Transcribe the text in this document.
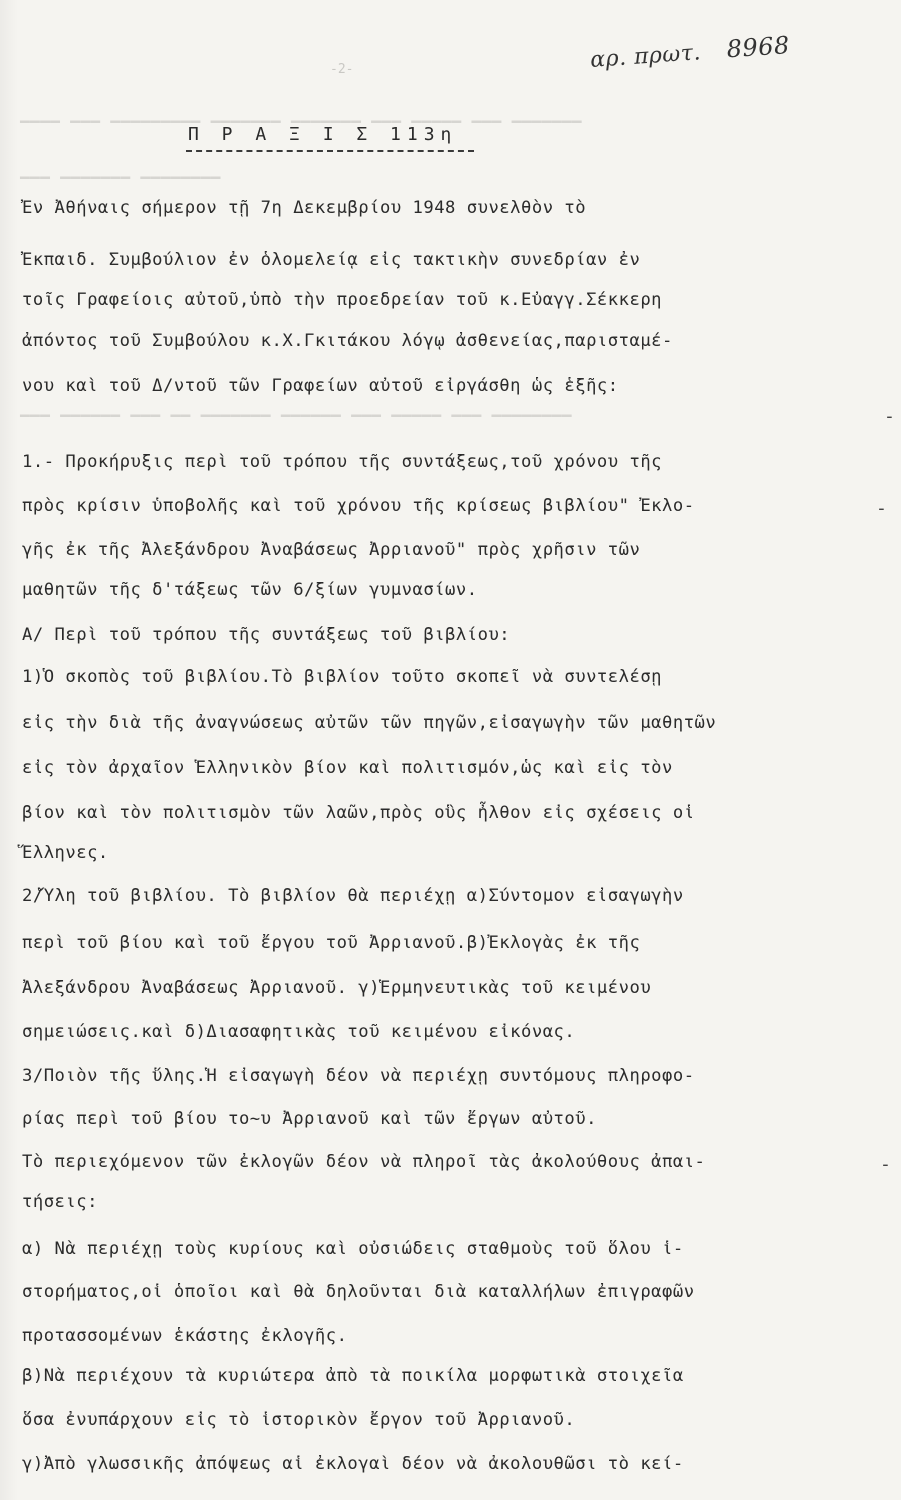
-2-	αρ. πρωτ. 8968
▁▁▁▁ ▁▁▁ ▁▁▁▁▁▁▁▁▁ ▁▁▁▁▁▁▁ ▁▁▁▁▁▁▁ ▁▁▁ ▁▁▁▁▁ ▁▁▁ ▁▁▁▁▁▁▁
▁▁▁ ▁▁▁▁▁▁▁ ▁▁▁▁▁▁▁▁
▁▁▁ ▁▁▁▁▁▁ ▁▁▁ ▁▁ ▁▁▁▁▁▁▁ ▁▁▁▁▁▁ ▁▁▁ ▁▁▁▁▁ ▁▁▁ ▁▁▁▁▁▁▁▁
Π Ρ Α Ξ Ι Σ 113η
Ἐν Ἀθήναις σήμερον τῇ 7η Δεκεμβρίου 1948 συνελθὸν τὸ
Ἐκπαιδ. Συμβούλιον ἐν ὁλομελείᾳ εἰς τακτικὴν συνεδρίαν ἐν
τοῖς Γραφείοις αὐτοῦ,ὑπὸ τὴν προεδρείαν τοῦ κ.Εὐαγγ.Σέκκερη
ἀπόντος τοῦ Συμβούλου κ.Χ.Γκιτάκου λόγῳ ἀσθενείας,παρισταμέ-
νου καὶ τοῦ Δ/ντοῦ τῶν Γραφείων αὐτοῦ εἰργάσθη ὡς ἑξῆς:
1.- Προκήρυξις περὶ τοῦ τρόπου τῆς συντάξεως,τοῦ χρόνου τῆς
πρὸς κρίσιν ὑποβολῆς καὶ τοῦ χρόνου τῆς κρίσεως βιβλίου" Ἐκλο-
γῆς ἐκ τῆς Ἀλεξάνδρου Ἀναβάσεως Ἀρριανοῦ" πρὸς χρῆσιν τῶν
μαθητῶν τῆς δ'τάξεως τῶν 6/ξίων γυμνασίων.
Α/ Περὶ τοῦ τρόπου τῆς συντάξεως τοῦ βιβλίου:
1)Ὁ σκοπὸς τοῦ βιβλίου.Τὸ βιβλίον τοῦτο σκοπεῖ νὰ συντελέσῃ
εἰς τὴν διὰ τῆς ἀναγνώσεως αὐτῶν τῶν πηγῶν,εἰσαγωγὴν τῶν μαθητῶν
εἰς τὸν ἀρχαῖον Ἑλληνικὸν βίον καὶ πολιτισμόν,ὡς καὶ εἰς τὸν
βίον καὶ τὸν πολιτισμὸν τῶν λαῶν,πρὸς οὓς ἦλθον εἰς σχέσεις οἱ
Ἕλληνες.
2/Ὕλη τοῦ βιβλίου. Τὸ βιβλίον θὰ περιέχῃ α)Σύντομον εἰσαγωγὴν
περὶ τοῦ βίου καὶ τοῦ ἔργου τοῦ Ἀρριανοῦ.β)Ἐκλογὰς ἐκ τῆς
Ἀλεξάνδρου Ἀναβάσεως Ἀρριανοῦ. γ)Ἑρμηνευτικὰς τοῦ κειμένου
σημειώσεις.καὶ δ)Διασαφητικὰς τοῦ κειμένου εἰκόνας.
3/Ποιὸν τῆς ὕλης.Ἡ εἰσαγωγὴ δέον νὰ περιέχῃ συντόμους πληροφο-
ρίας περὶ τοῦ βίου το~υ Ἀρριανοῦ καὶ τῶν ἔργων αὐτοῦ.
Τὸ περιεχόμενον τῶν ἐκλογῶν δέον νὰ πληροῖ τὰς ἀκολούθους ἀπαι-
τήσεις:
α) Νὰ περιέχῃ τοὺς κυρίους καὶ οὐσιώδεις σταθμοὺς τοῦ ὅλου ἱ-
στορήματος,οἱ ὁποῖοι καὶ θὰ δηλοῦνται διὰ καταλλήλων ἐπιγραφῶν
προτασσομένων ἑκάστης ἐκλογῆς.
β)Νὰ περιέχουν τὰ κυριώτερα ἀπὸ τὰ ποικίλα μορφωτικὰ στοιχεῖα
ὅσα ἐνυπάρχουν εἰς τὸ ἱστορικὸν ἔργον τοῦ Ἀρριανοῦ.
γ)Ἀπὸ γλωσσικῆς ἀπόψεως αἱ ἐκλογαὶ δέον νὰ ἀκολουθῶσι τὸ κεί-
-
-
-
